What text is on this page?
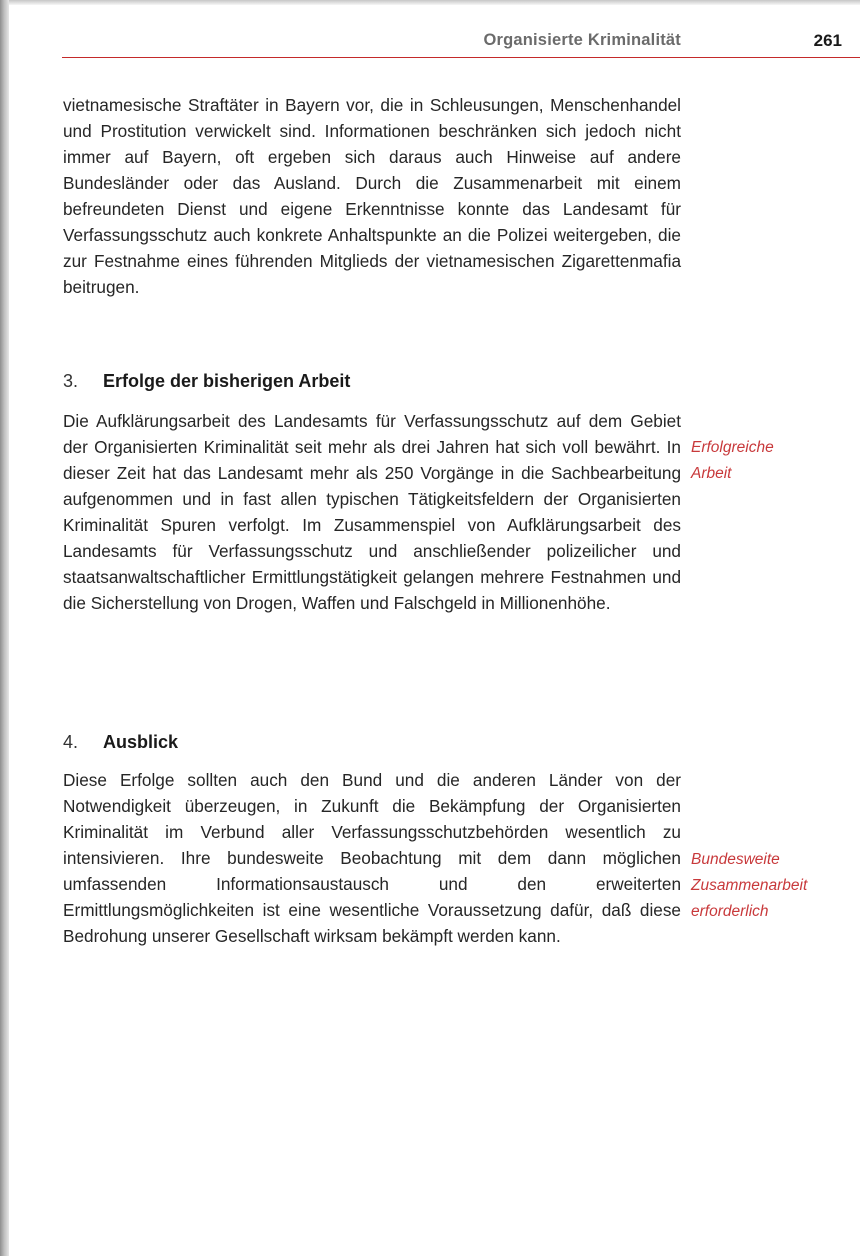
Organisierte Kriminalität	261

vietnamesische Straftäter in Bayern vor, die in Schleusungen, Menschenhandel und Prostitution verwickelt sind. Informationen beschränken sich jedoch nicht immer auf Bayern, oft ergeben sich daraus auch Hinweise auf andere Bundesländer oder das Ausland. Durch die Zusammenarbeit mit einem befreundeten Dienst und eigene Erkenntnisse konnte das Landesamt für Verfassungsschutz auch konkrete Anhaltspunkte an die Polizei weitergeben, die zur Festnahme eines führenden Mitglieds der vietnamesischen Zigarettenmafia beitrugen.

3. Erfolge der bisherigen Arbeit

Die Aufklärungsarbeit des Landesamts für Verfassungsschutz auf dem Gebiet der Organisierten Kriminalität seit mehr als drei Jahren hat sich voll bewährt. In dieser Zeit hat das Landesamt mehr als 250 Vorgänge in die Sachbearbeitung aufgenommen und in fast allen typischen Tätigkeitsfeldern der Organisierten Kriminalität Spuren verfolgt. Im Zusammenspiel von Aufklärungsarbeit des Landesamts für Verfassungsschutz und anschließender polizeilicher und staatsanwaltschaftlicher Ermittlungstätigkeit gelangen mehrere Festnahmen und die Sicherstellung von Drogen, Waffen und Falschgeld in Millionenhöhe.

Erfolgreiche
Arbeit
4. Ausblick

Diese Erfolge sollten auch den Bund und die anderen Länder von der Notwendigkeit überzeugen, in Zukunft die Bekämpfung der Organisierten Kriminalität im Verbund aller Verfassungsschutzbehörden wesentlich zu intensivieren. Ihre bundesweite Beobachtung mit dem dann möglichen umfassenden Informationsaustausch und den erweiterten Ermittlungsmöglichkeiten ist eine wesentliche Voraussetzung dafür, daß diese Bedrohung unserer Gesellschaft wirksam bekämpft werden kann.

Bundesweite
Zusammenarbeit
erforderlich
